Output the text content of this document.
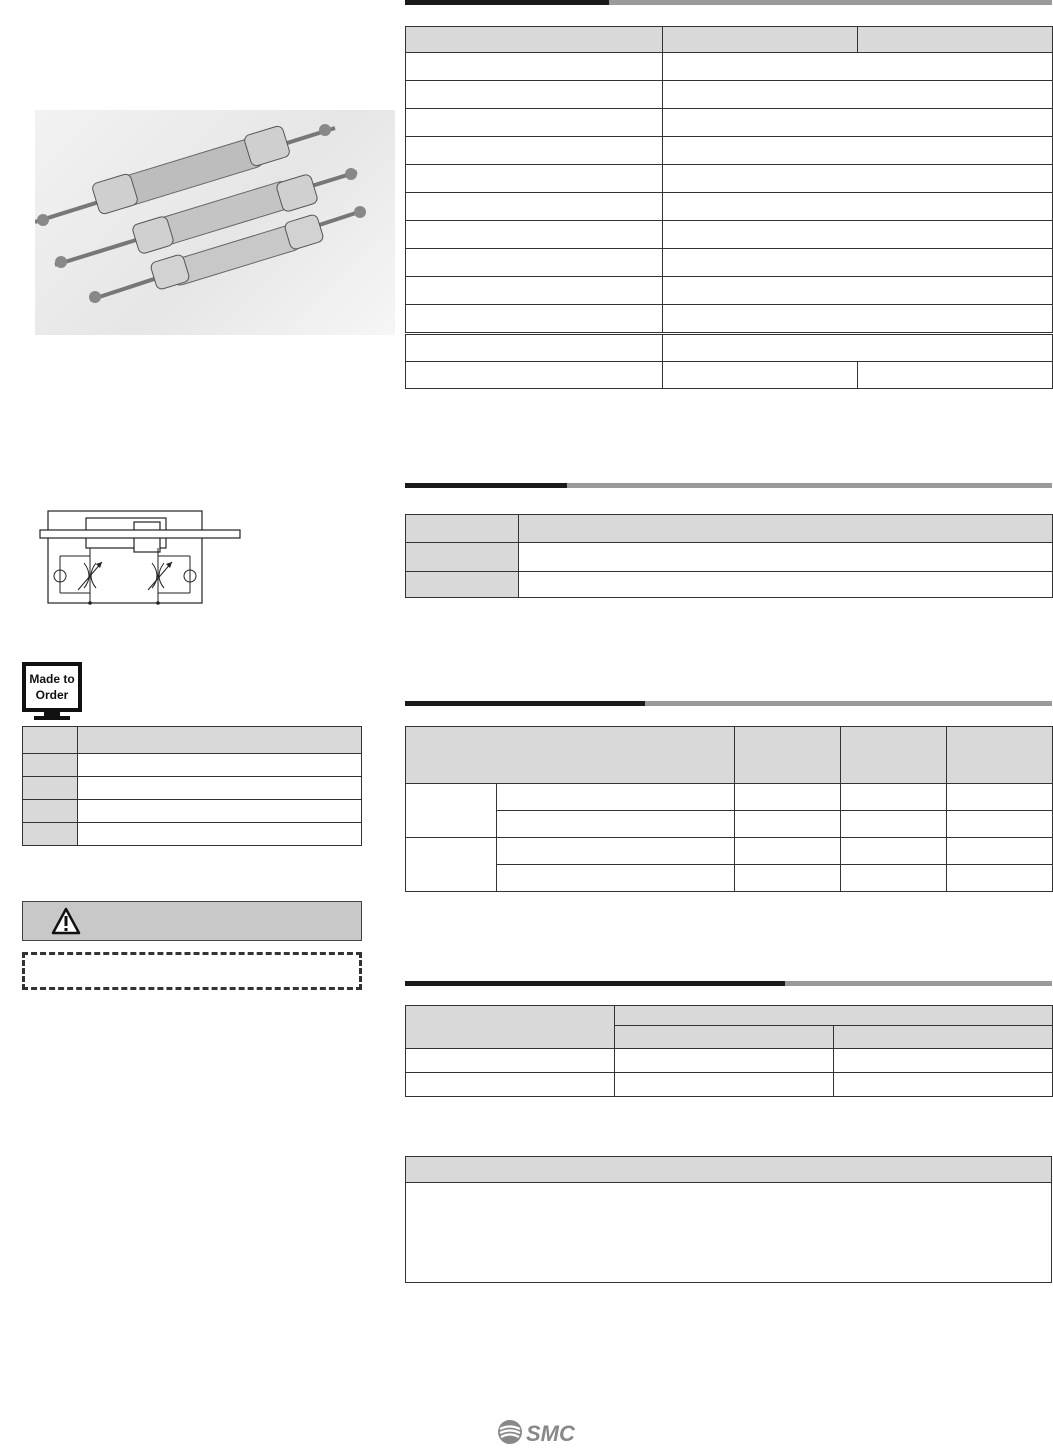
Made to
Order

SMC
